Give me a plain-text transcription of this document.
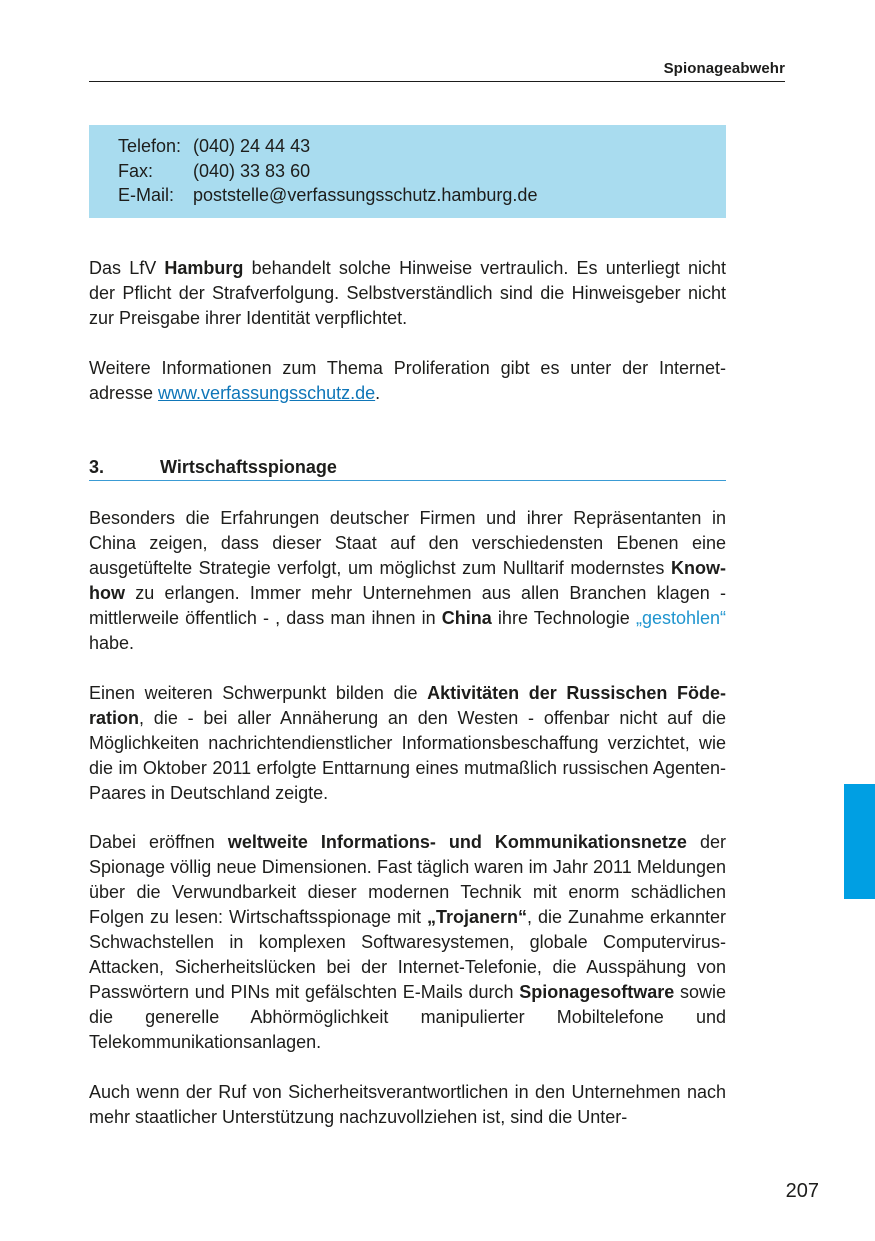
Spionageabwehr
Telefon: (040) 24 44 43
Fax:	(040) 33 83 60
E-Mail:	poststelle@verfassungsschutz.hamburg.de

Das LfV Hamburg behandelt solche Hinweise vertraulich. Es unterliegt nicht der Pflicht der Strafverfolgung. Selbstverständlich sind die Hinweisgeber nicht zur Preisgabe ihrer Identität verpflichtet.

Weitere Informationen zum Thema Proliferation gibt es unter der Internetadresse www.verfassungsschutz.de.

3.	Wirtschaftsspionage

Besonders die Erfahrungen deutscher Firmen und ihrer Repräsentanten in China zeigen, dass dieser Staat auf den verschiedensten Ebenen eine ausgetüftelte Strategie verfolgt, um möglichst zum Nulltarif modernstes Know-how zu erlangen. Immer mehr Unternehmen aus allen Branchen klagen - mittlerweile öffentlich - , dass man ihnen in China ihre Technologie „gestohlen“ habe.

Einen weiteren Schwerpunkt bilden die Aktivitäten der Russischen Föderation, die - bei aller Annäherung an den Westen - offenbar nicht auf die Möglichkeiten nachrichtendienstlicher Informationsbeschaffung verzichtet, wie die im Oktober 2011 erfolgte Enttarnung eines mutmaßlich russischen Agenten-Paares in Deutschland zeigte.

Dabei eröffnen weltweite Informations- und Kommunikationsnetze der Spionage völlig neue Dimensionen. Fast täglich waren im Jahr 2011 Meldungen über die Verwundbarkeit dieser modernen Technik mit enorm schädlichen Folgen zu lesen: Wirtschaftsspionage mit „Trojanern“, die Zunahme erkannter Schwachstellen in komplexen Softwaresystemen, globale Computervirus-Attacken, Sicherheitslücken bei der Internet-Telefonie, die Ausspähung von Passwörtern und PINs mit gefälschten E-Mails durch Spionagesoftware sowie die generelle Abhörmöglichkeit manipulierter Mobiltelefone und Telekommunikationsanlagen.

Auch wenn der Ruf von Sicherheitsverantwortlichen in den Unternehmen nach mehr staatlicher Unterstützung nachzuvollziehen ist, sind die Unter-

207
